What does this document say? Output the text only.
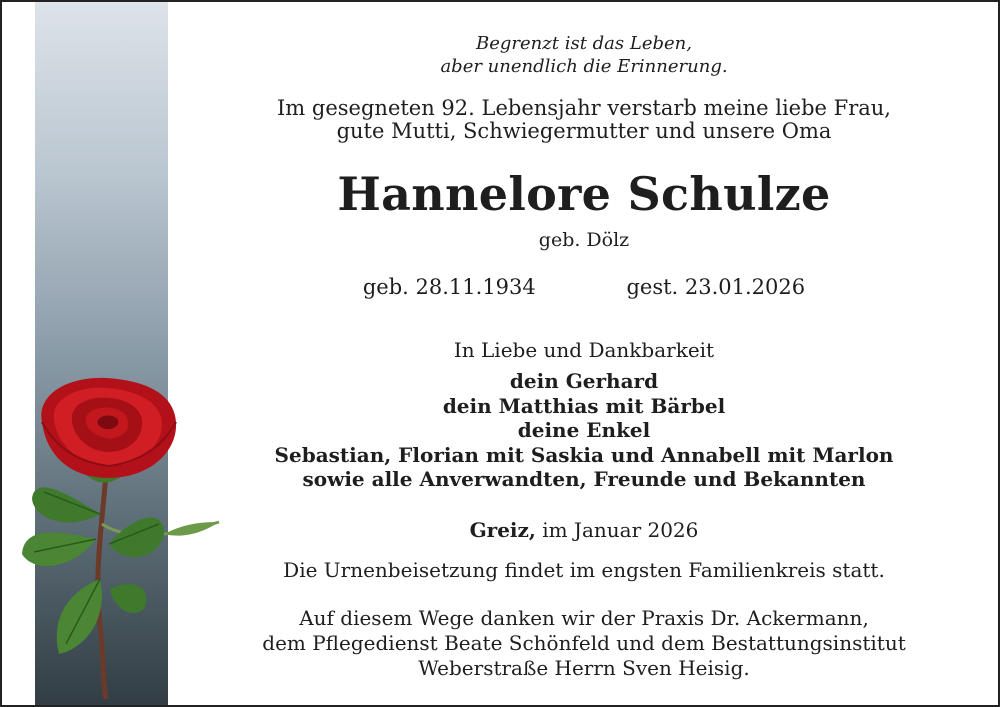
Begrenzt ist das Leben,
aber unendlich die Erinnerung.
Im gesegneten 92. Lebensjahr verstarb meine liebe Frau,
gute Mutti, Schwiegermutter und unsere Oma
Hannelore Schulze
geb. Dölz
geb. 28.11.1934	gest. 23.01.2026
In Liebe und Dankbarkeit
dein Gerhard
dein Matthias mit Bärbel
deine Enkel
Sebastian, Florian mit Saskia und Annabell mit Marlon
sowie alle Anverwandten, Freunde und Bekannten
Greiz, im Januar 2026
Die Urnenbeisetzung findet im engsten Familienkreis statt.
Auf diesem Wege danken wir der Praxis Dr. Ackermann,
dem Pflegedienst Beate Schönfeld und dem Bestattungsinstitut
Weberstraße Herrn Sven Heisig.
